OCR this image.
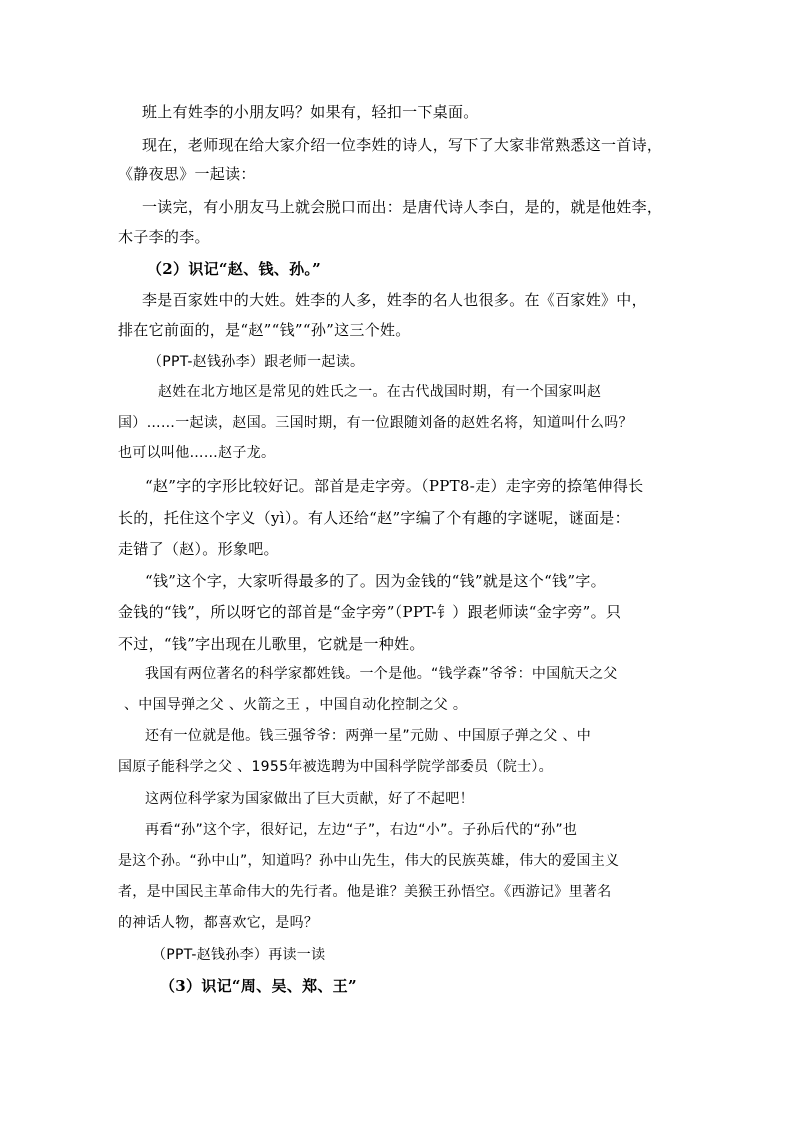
班上有姓李的小朋友吗？如果有，轻扣一下桌面。
现在，老师现在给大家介绍一位李姓的诗人，写下了大家非常熟悉这一首诗，
《静夜思》一起读：
一读完，有小朋友马上就会脱口而出：是唐代诗人李白，是的，就是他姓李，
木子李的李。
（2）识记“赵、钱、孙。”
李是百家姓中的大姓。姓李的人多，姓李的名人也很多。在《百家姓》中，
排在它前面的，是“赵”“钱”“孙”这三个姓。
（PPT-赵钱孙李）跟老师一起读。
赵姓在北方地区是常见的姓氏之一。在古代战国时期，有一个国家叫赵
国）……一起读，赵国。三国时期，有一位跟随刘备的赵姓名将，知道叫什么吗？
也可以叫他……赵子龙。
“赵”字的字形比较好记。部首是走字旁。（PPT8-走）走字旁的捺笔伸得长
长的，托住这个字义（yì）。有人还给“赵”字编了个有趣的字谜呢，谜面是：
走错了（赵）。形象吧。
“钱”这个字，大家听得最多的了。因为金钱的“钱”就是这个“钱”字。
金钱的“钱”，所以呀它的部首是“金字旁”（PPT-钅）跟老师读“金字旁”。只
不过，“钱”字出现在儿歌里，它就是一种姓。
我国有两位著名的科学家都姓钱。一个是他。“钱学森”爷爷：中国航天之父
、中国导弹之父 、火箭之王 ，中国自动化控制之父 。
还有一位就是他。钱三强爷爷：两弹一星”元勋 、中国原子弹之父 、中
国原子能科学之父 、1955年被选聘为中国科学院学部委员（院士）。
这两位科学家为国家做出了巨大贡献，好了不起吧！
再看“孙”这个字，很好记，左边“子”，右边“小”。子孙后代的“孙”也
是这个孙。“孙中山”，知道吗？孙中山先生，伟大的民族英雄，伟大的爱国主义
者，是中国民主革命伟大的先行者。他是谁？美猴王孙悟空。《西游记》里著名
的神话人物，都喜欢它，是吗？
（PPT-赵钱孙李）再读一读
（3）识记“周、吴、郑、王”
